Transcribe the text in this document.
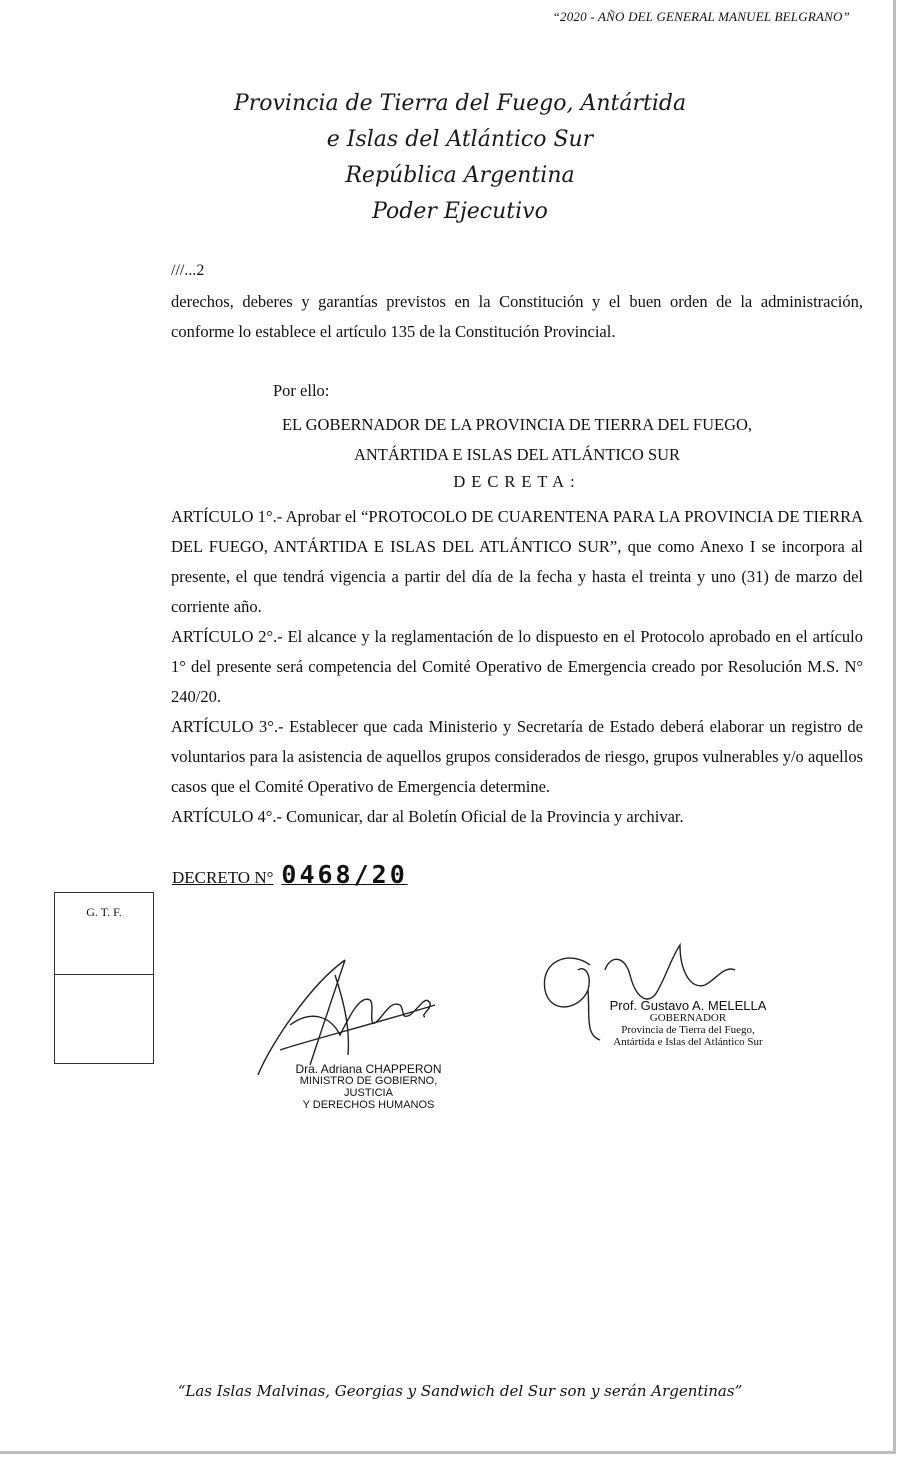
“2020 - AÑO DEL GENERAL MANUEL BELGRANO”
Provincia de Tierra del Fuego, Antártida
e Islas del Atlántico Sur
República Argentina
Poder Ejecutivo
///...2
derechos, deberes y garantías previstos en la Constitución y el buen orden de la administración, conforme lo establece el artículo 135 de la Constitución Provincial.
Por ello:
EL GOBERNADOR DE LA PROVINCIA DE TIERRA DEL FUEGO,
ANTÁRTIDA E ISLAS DEL ATLÁNTICO SUR
DECRETA:

ARTÍCULO 1°.- Aprobar el “PROTOCOLO DE CUARENTENA PARA LA PROVINCIA DE TIERRA DEL FUEGO, ANTÁRTIDA E ISLAS DEL ATLÁNTICO SUR”, que como Anexo I se incorpora al presente, el que tendrá vigencia a partir del día de la fecha y hasta el treinta y uno (31) de marzo del corriente año.

ARTÍCULO 2°.- El alcance y la reglamentación de lo dispuesto en el Protocolo aprobado en el artículo 1° del presente será competencia del Comité Operativo de Emergencia creado por Resolución M.S. N° 240/20.

ARTÍCULO 3°.- Establecer que cada Ministerio y Secretaría de Estado deberá elaborar un registro de voluntarios para la asistencia de aquellos grupos considerados de riesgo, grupos vulnerables y/o aquellos casos que el Comité Operativo de Emergencia determine.

ARTÍCULO 4°.- Comunicar, dar al Boletín Oficial de la Provincia y archivar.

DECRETO N° 0468/20
G. T. F.
Dra. Adriana CHAPPERON
MINISTRO DE GOBIERNO, JUSTICIA
Y DERECHOS HUMANOS
Prof. Gustavo A. MELELLA
GOBERNADOR
Provincia de Tierra del Fuego,
Antártida e Islas del Atlántico Sur
“Las Islas Malvinas, Georgias y Sandwich del Sur son y serán Argentinas”
